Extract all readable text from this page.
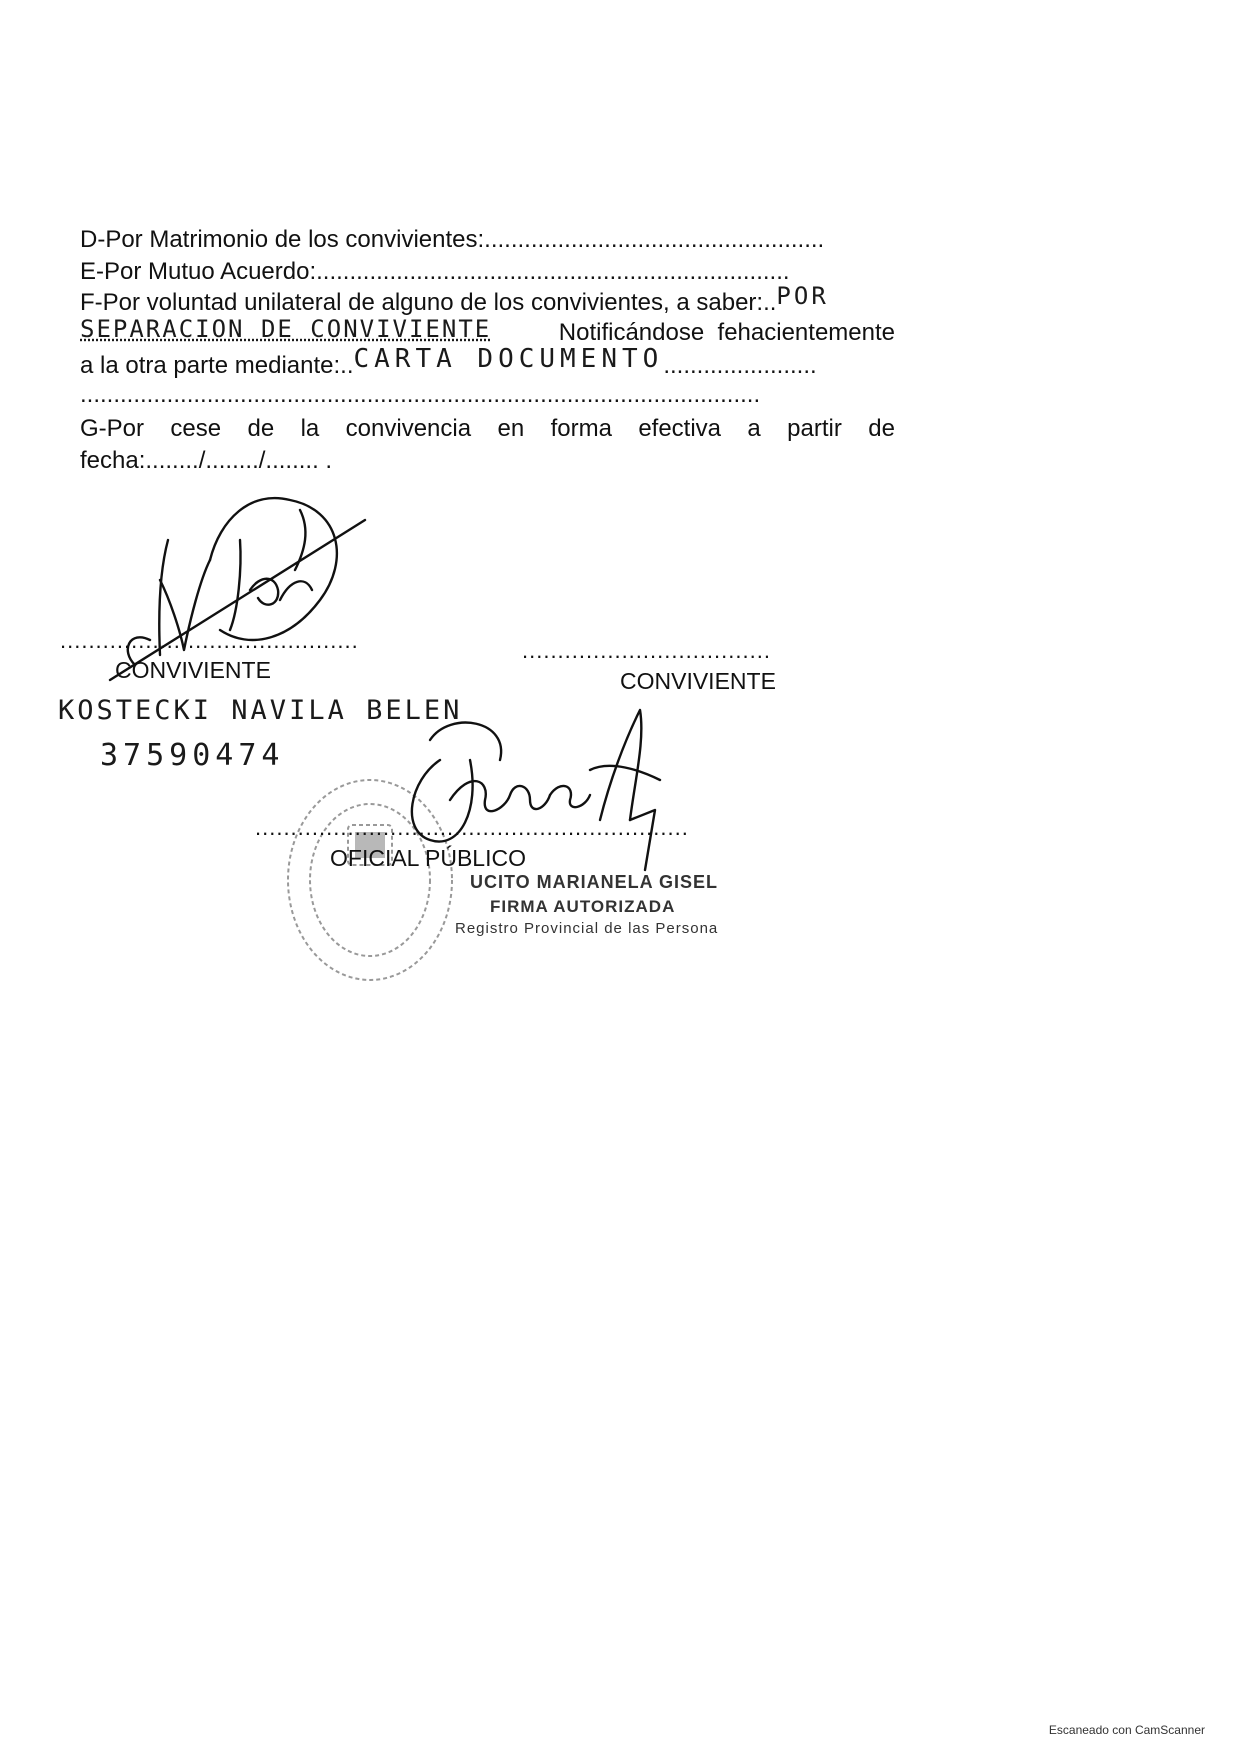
D-Por Matrimonio de los convivientes:...................................................
E-Por Mutuo Acuerdo:.......................................................................
F-Por voluntad unilateral de alguno de los convivientes, a saber:..POR
SEPARACION DE CONVIVIENTE	Notificándose  fehacientemente
a la otra parte mediante:..CARTA DOCUMENTO.......................
......................................................................................................
G-Por cese de la convivencia en forma efectiva a partir de
fecha:......../......../........ .
..........................................
CONVIVIENTE
KOSTECKI NAVILA BELEN
37590474
...................................
CONVIVIENTE
.............................................................
OFICIAL PÚBLICO
UCITO MARIANELA GISEL
FIRMA AUTORIZADA
Registro Provincial de las Persona
Escaneado con CamScanner
